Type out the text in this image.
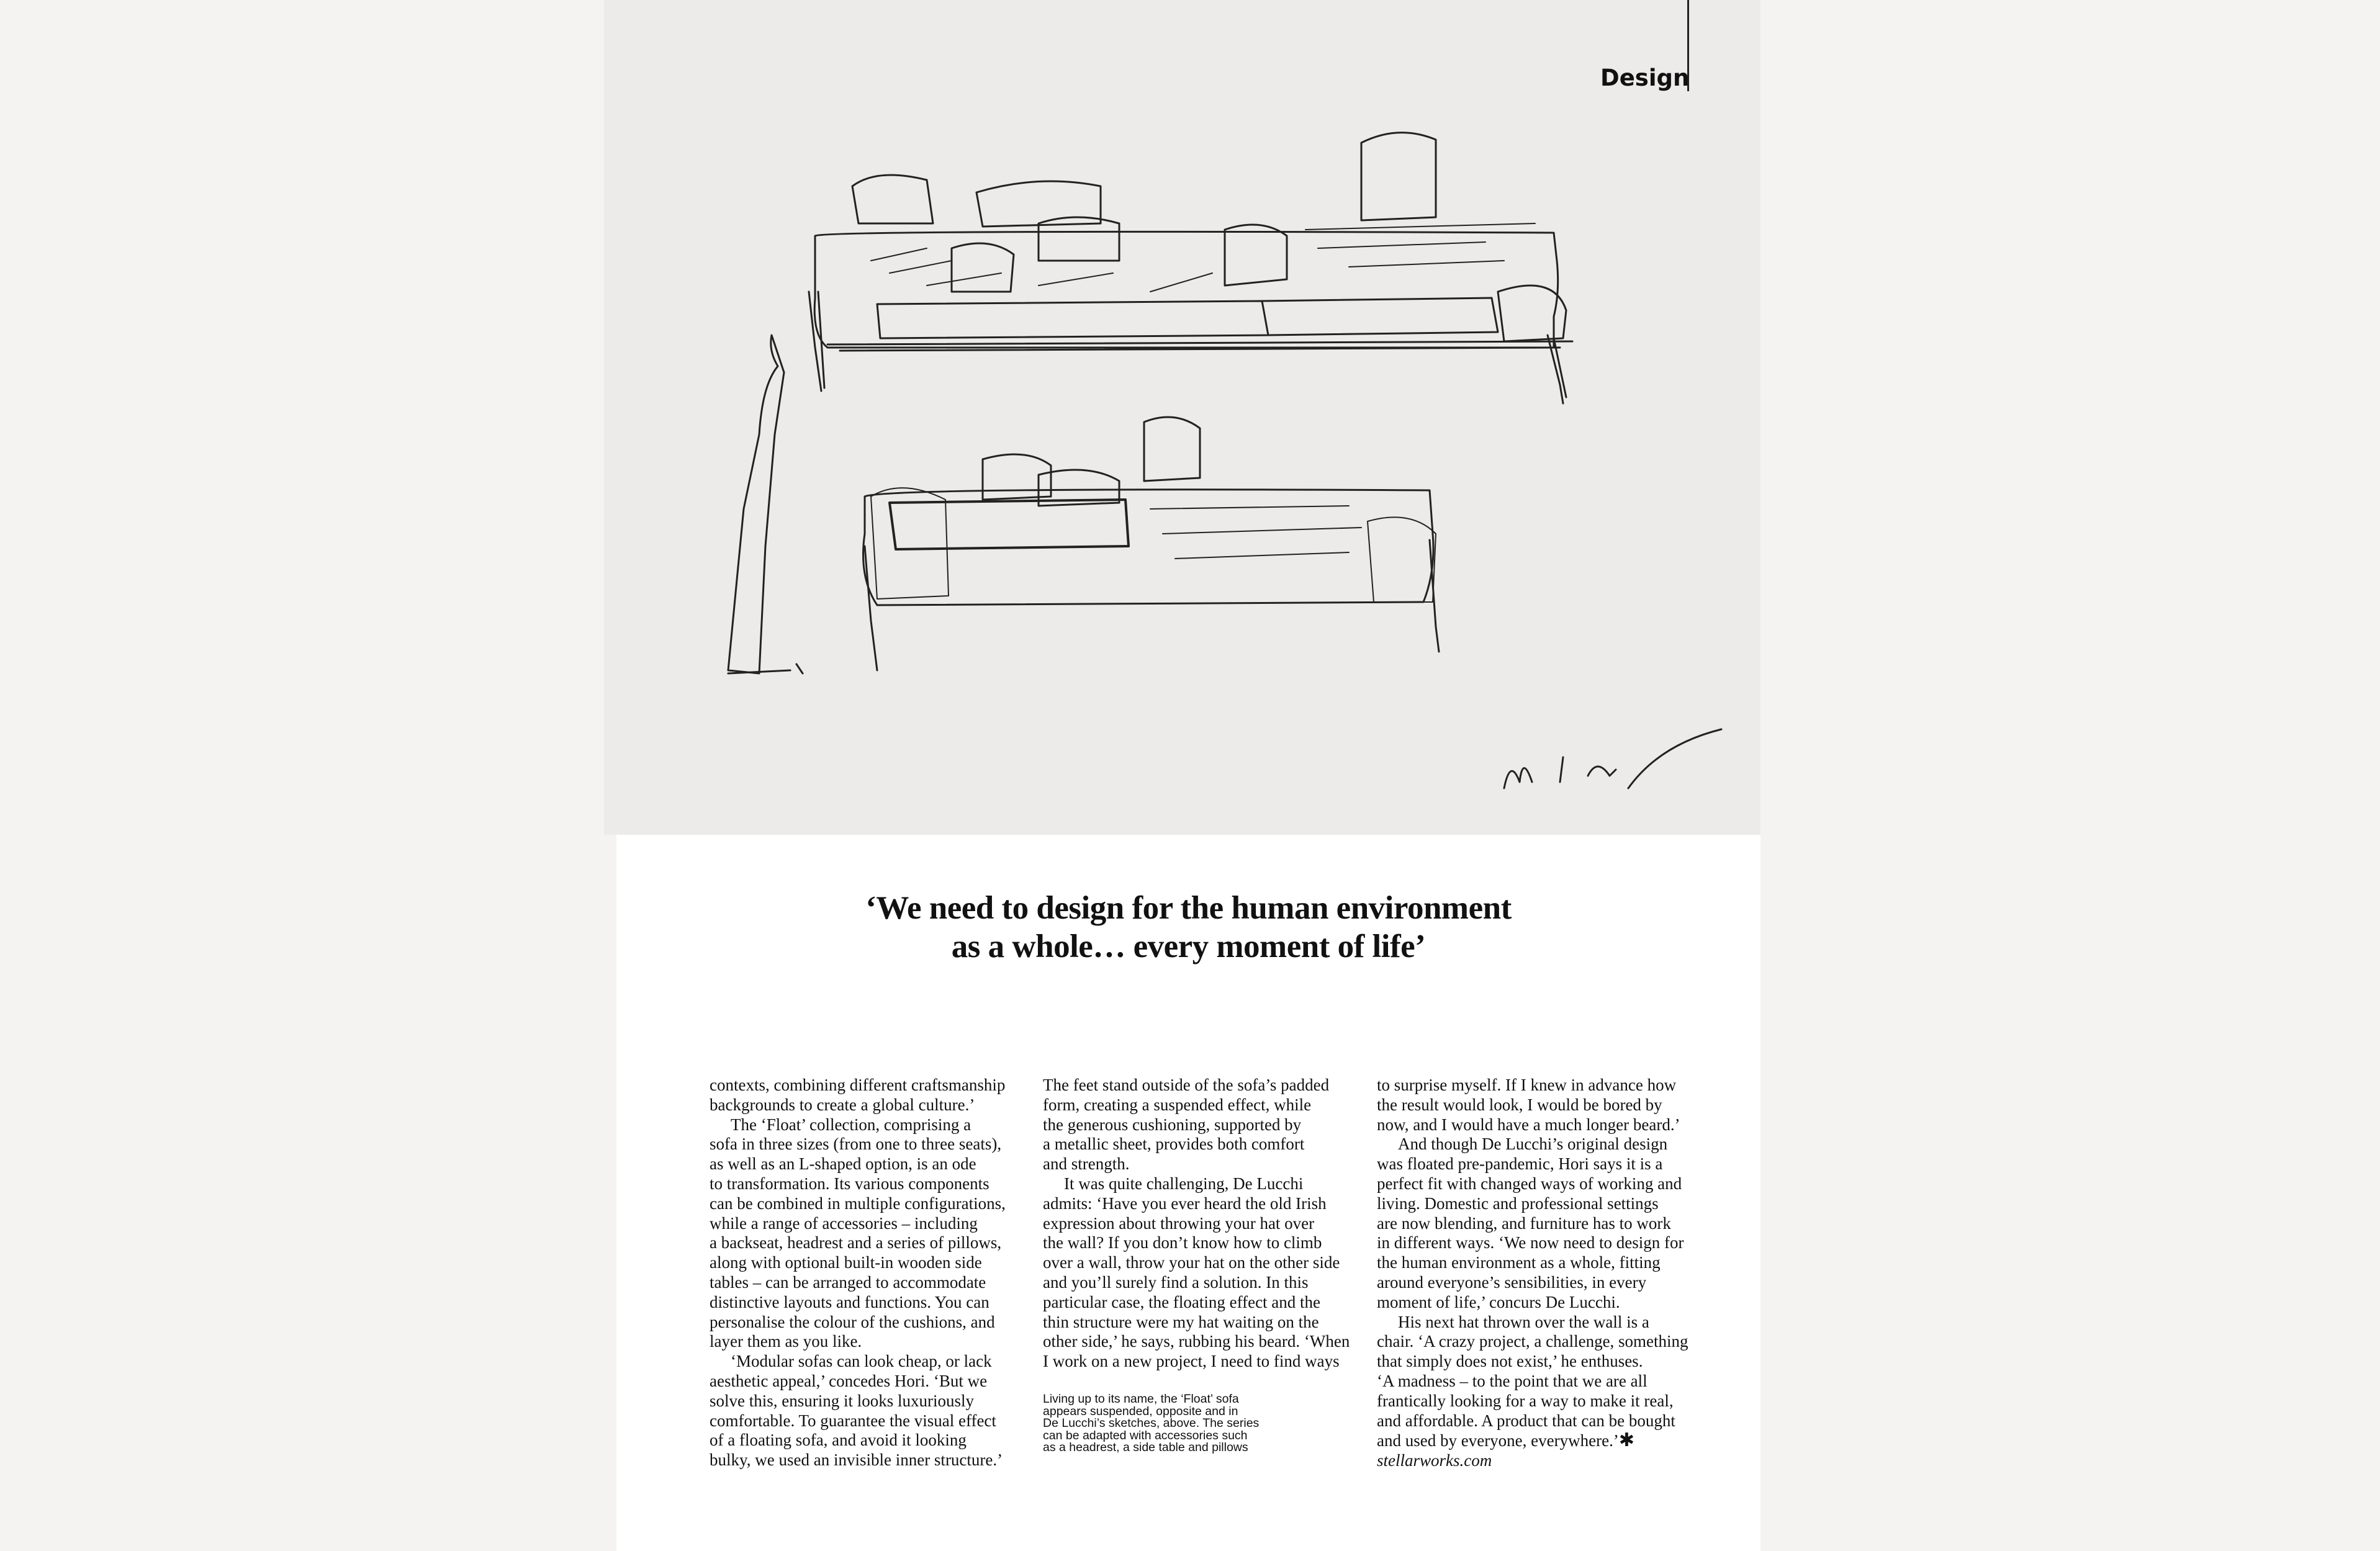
Design
‘We need to design for the human environment
as a whole… every moment of life’
contexts, combining different craftsmanship
backgrounds to create a global culture.’
The ‘Float’ collection, comprising a
sofa in three sizes (from one to three seats),
as well as an L-shaped option, is an ode
to transformation. Its various components
can be combined in multiple configurations,
while a range of accessories – including
a backseat, headrest and a series of pillows,
along with optional built-in wooden side
tables – can be arranged to accommodate
distinctive layouts and functions. You can
personalise the colour of the cushions, and
layer them as you like.
‘Modular sofas can look cheap, or lack
aesthetic appeal,’ concedes Hori. ‘But we
solve this, ensuring it looks luxuriously
comfortable. To guarantee the visual effect
of a floating sofa, and avoid it looking
bulky, we used an invisible inner structure.’
The feet stand outside of the sofa’s padded
form, creating a suspended effect, while
the generous cushioning, supported by
a metallic sheet, provides both comfort
and strength.
It was quite challenging, De Lucchi
admits: ‘Have you ever heard the old Irish
expression about throwing your hat over
the wall? If you don’t know how to climb
over a wall, throw your hat on the other side
and you’ll surely find a solution. In this
particular case, the floating effect and the
thin structure were my hat waiting on the
other side,’ he says, rubbing his beard. ‘When
I work on a new project, I need to find ways
to surprise myself. If I knew in advance how
the result would look, I would be bored by
now, and I would have a much longer beard.’
And though De Lucchi’s original design
was floated pre-pandemic, Hori says it is a
perfect fit with changed ways of working and
living. Domestic and professional settings
are now blending, and furniture has to work
in different ways. ‘We now need to design for
the human environment as a whole, fitting
around everyone’s sensibilities, in every
moment of life,’ concurs De Lucchi.
His next hat thrown over the wall is a
chair. ‘A crazy project, a challenge, something
that simply does not exist,’ he enthuses.
‘A madness – to the point that we are all
frantically looking for a way to make it real,
and affordable. A product that can be bought
and used by everyone, everywhere.’✱
stellarworks.com
Living up to its name, the ‘Float’ sofa
appears suspended, opposite and in
De Lucchi’s sketches, above. The series
can be adapted with accessories such
as a headrest, a side table and pillows
